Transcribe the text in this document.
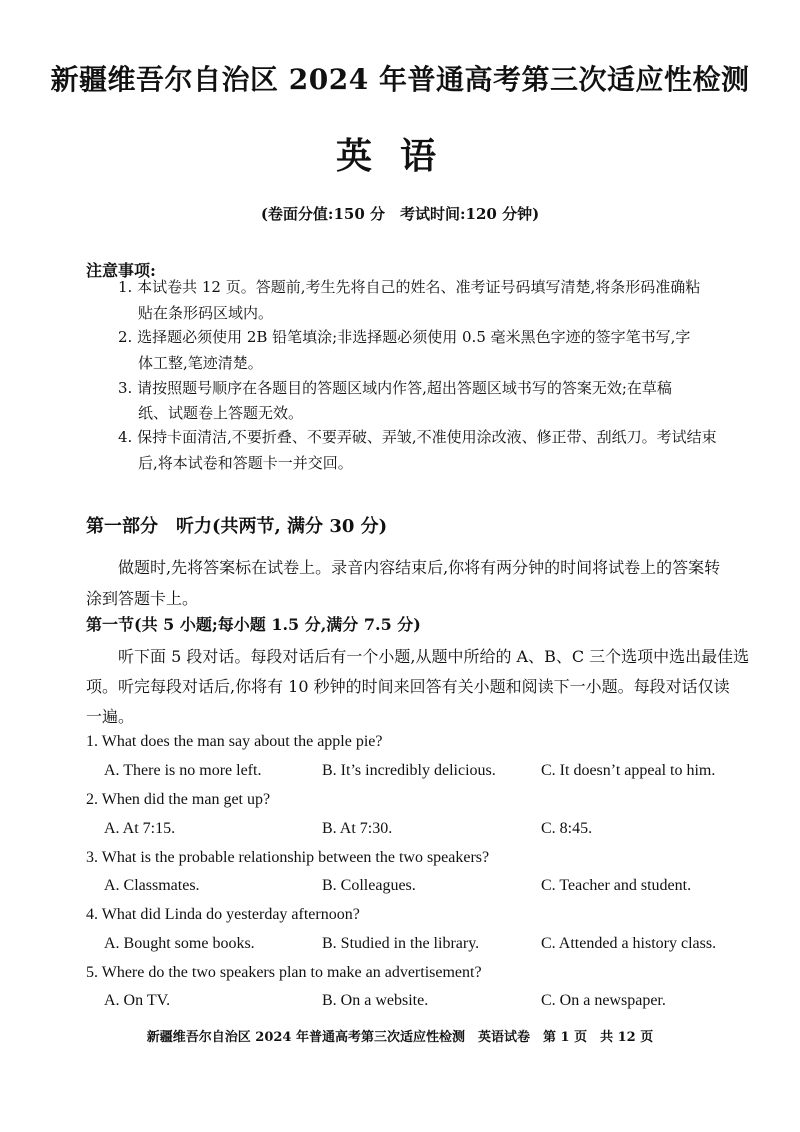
新疆维吾尔自治区 2024 年普通高考第三次适应性检测
英语
(卷面分值:150 分　考试时间:120 分钟)
注意事项:
1. 本试卷共 12 页。答题前,考生先将自己的姓名、准考证号码填写清楚,将条形码准确粘
贴在条形码区域内。
2. 选择题必须使用 2B 铅笔填涂;非选择题必须使用 0.5 毫米黑色字迹的签字笔书写,字
体工整,笔迹清楚。
3. 请按照题号顺序在各题目的答题区域内作答,超出答题区域书写的答案无效;在草稿
纸、试题卷上答题无效。
4. 保持卡面清洁,不要折叠、不要弄破、弄皱,不准使用涂改液、修正带、刮纸刀。考试结束
后,将本试卷和答题卡一并交回。
第一部分　听力(共两节, 满分 30 分)
做题时,先将答案标在试卷上。录音内容结束后,你将有两分钟的时间将试卷上的答案转
涂到答题卡上。
第一节(共 5 小题;每小题 1.5 分,满分 7.5 分)
听下面 5 段对话。每段对话后有一个小题,从题中所给的 A、B、C 三个选项中选出最佳选
项。听完每段对话后,你将有 10 秒钟的时间来回答有关小题和阅读下一小题。每段对话仅读
一遍。
1. What does the man say about the apple pie?
A. There is no more left.	B. It’s incredibly delicious.	C. It doesn’t appeal to him.
2. When did the man get up?
A. At 7:15.	B. At 7:30.	C. 8:45.
3. What is the probable relationship between the two speakers?
A. Classmates.	B. Colleagues.	C. Teacher and student.
4. What did Linda do yesterday afternoon?
A. Bought some books.	B. Studied in the library.	C. Attended a history class.
5. Where do the two speakers plan to make an advertisement?
A. On TV.	B. On a website.	C. On a newspaper.
新疆维吾尔自治区 2024 年普通高考第三次适应性检测　英语试卷　第 1 页　共 12 页
